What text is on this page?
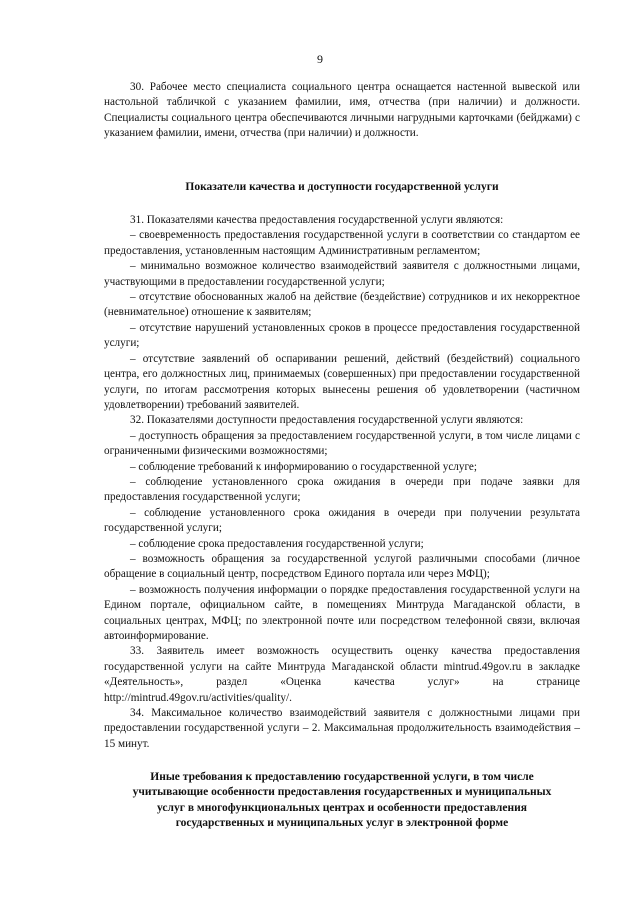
9

30. Рабочее место специалиста социального центра оснащается настенной вывеской или настольной табличкой с указанием фамилии, имя, отчества (при наличии) и должности. Специалисты социального центра обеспечиваются личными нагрудными карточками (бейджами) с указанием фамилии, имени, отчества (при наличии) и должности.

Показатели качества и доступности государственной услуги

31. Показателями качества предоставления государственной услуги являются:

– своевременность предоставления государственной услуги в соответствии со стандартом ее предоставления, установленным настоящим Административным регламентом;

– минимально возможное количество взаимодействий заявителя с должностными лицами, участвующими в предоставлении государственной услуги;

– отсутствие обоснованных жалоб на действие (бездействие) сотрудников и их некорректное (невнимательное) отношение к заявителям;

– отсутствие нарушений установленных сроков в процессе предоставления государственной услуги;

– отсутствие заявлений об оспаривании решений, действий (бездействий) социального центра, его должностных лиц, принимаемых (совершенных) при предоставлении государственной услуги, по итогам рассмотрения которых вынесены решения об удовлетворении (частичном удовлетворении) требований заявителей.

32. Показателями доступности предоставления государственной услуги являются:

– доступность обращения за предоставлением государственной услуги, в том числе лицами с ограниченными физическими возможностями;

– соблюдение требований к информированию о государственной услуге;

– соблюдение установленного срока ожидания в очереди при подаче заявки для предоставления государственной услуги;

– соблюдение установленного срока ожидания в очереди при получении результата государственной услуги;

– соблюдение срока предоставления государственной услуги;

– возможность обращения за государственной услугой различными способами (личное обращение в социальный центр, посредством Единого портала или через МФЦ);

– возможность получения информации о порядке предоставления государственной услуги на Едином портале, официальном сайте, в помещениях Минтруда Магаданской области, в социальных центрах, МФЦ; по электронной почте или посредством телефонной связи, включая автоинформирование.

33. Заявитель имеет возможность осуществить оценку качества предоставления государственной услуги на сайте Минтруда Магаданской области mintrud.49gov.ru в закладке «Деятельность», раздел «Оценка качества услуг» на странице http://mintrud.49gov.ru/activities/quality/.

34. Максимальное количество взаимодействий заявителя с должностными лицами при предоставлении государственной услуги – 2. Максимальная продолжительность взаимодействия –15 минут.

Иные требования к предоставлению государственной услуги, в том числе
учитывающие особенности предоставления государственных и муниципальных
услуг в многофункциональных центрах и особенности предоставления
государственных и муниципальных услуг в электронной форме
